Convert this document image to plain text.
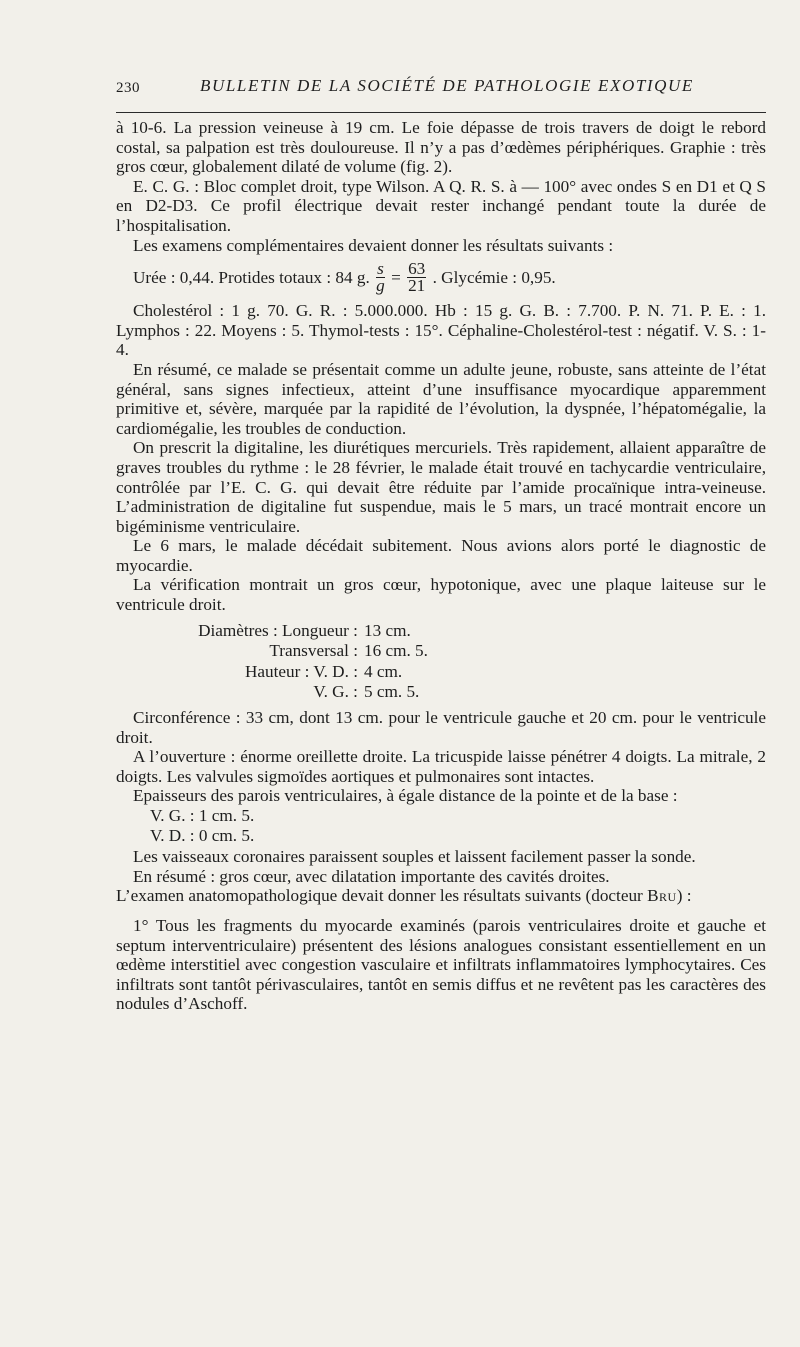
230	BULLETIN DE LA SOCIÉTÉ DE PATHOLOGIE EXOTIQUE

à 10-6. La pression veineuse à 19 cm. Le foie dépasse de trois travers de doigt le rebord costal, sa palpation est très douloureuse. Il n’y a pas d’œdèmes périphériques. Graphie : très gros cœur, globalement dilaté de volume (fig. 2).

E. C. G. : Bloc complet droit, type Wilson. A Q. R. S. à — 100° avec ondes S en D1 et Q S en D2-D3. Ce profil électrique devait rester inchangé pendant toute la durée de l’hospitalisation.

Les examens complémentaires devaient donner les résultats suivants :

Urée : 0,44. Protides totaux : 84 g. $\frac{s}{g} = \frac{63}{21}$ . Glycémie : 0,95.

Cholestérol : 1 g. 70. G. R. : 5.000.000. Hb : 15 g. G. B. : 7.700. P. N. 71. P. E. : 1. Lymphos : 22. Moyens : 5. Thymol-tests : 15°. Céphaline-Cholestérol-test : négatif. V. S. : 1-4.

En résumé, ce malade se présentait comme un adulte jeune, robuste, sans atteinte de l’état général, sans signes infectieux, atteint d’une insuffisance myocardique apparemment primitive et, sévère, marquée par la rapidité de l’évolution, la dyspnée, l’hépatomégalie, la cardiomégalie, les troubles de conduction.

On prescrit la digitaline, les diurétiques mercuriels. Très rapidement, allaient apparaître de graves troubles du rythme : le 28 février, le malade était trouvé en tachycardie ventriculaire, contrôlée par l’E. C. G. qui devait être réduite par l’amide procaïnique intra-veineuse. L’administration de digitaline fut suspendue, mais le 5 mars, un tracé montrait encore un bigéminisme ventriculaire.

Le 6 mars, le malade décédait subitement. Nous avions alors porté le diagnostic de myocardie.

La vérification montrait un gros cœur, hypotonique, avec une plaque laiteuse sur le ventricule droit.

Diamètres : Longueur : 13 cm.
Transversal : 16 cm. 5.
Hauteur : V. D. : 4 cm.
V. G. : 5 cm. 5.

Circonférence : 33 cm, dont 13 cm. pour le ventricule gauche et 20 cm. pour le ventricule droit.

A l’ouverture : énorme oreillette droite. La tricuspide laisse pénétrer 4 doigts. La mitrale, 2 doigts. Les valvules sigmoïdes aortiques et pulmonaires sont intactes.

Epaisseurs des parois ventriculaires, à égale distance de la pointe et de la base :

V. G. : 1 cm. 5.

V. D. : 0 cm. 5.

Les vaisseaux coronaires paraissent souples et laissent facilement passer la sonde.

En résumé : gros cœur, avec dilatation importante des cavités droites.

L’examen anatomopathologique devait donner les résultats suivants (docteur Bru) :

1° Tous les fragments du myocarde examinés (parois ventriculaires droite et gauche et septum interventriculaire) présentent des lésions analogues consistant essentiellement en un œdème interstitiel avec congestion vasculaire et infiltrats inflammatoires lymphocytaires. Ces infiltrats sont tantôt périvasculaires, tantôt en semis diffus et ne revêtent pas les caractères des nodules d’Aschoff.
